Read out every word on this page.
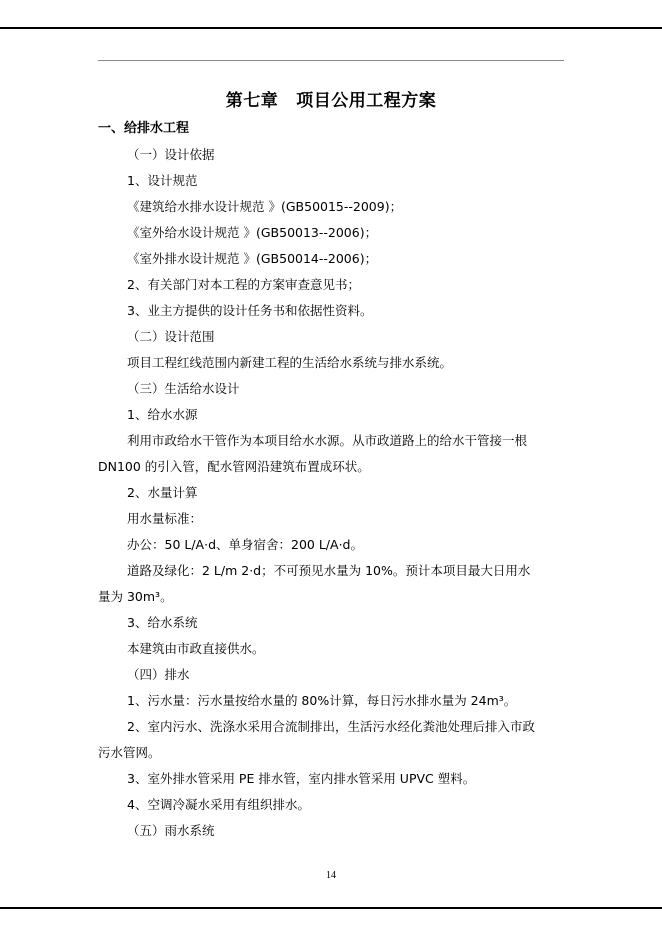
第七章 项目公用工程方案
一、给排水工程
（一）设计依据
1、设计规范
《建筑给水排水设计规范 》(GB50015--2009)；
《室外给水设计规范 》(GB50013--2006)；
《室外排水设计规范 》(GB50014--2006)；
2、有关部门对本工程的方案审查意见书；
3、业主方提供的设计任务书和依据性资料。
（二）设计范围
项目工程红线范围内新建工程的生活给水系统与排水系统。
（三）生活给水设计
1、给水水源
利用市政给水干管作为本项目给水水源。从市政道路上的给水干管接一根
DN100 的引入管，配水管网沿建筑布置成环状。
2、水量计算
用水量标准：
办公：50 L/A·d、单身宿舍：200 L/A·d。
道路及绿化：2 L/m 2·d；不可预见水量为 10%。预计本项目最大日用水
量为 30m³。
3、给水系统
本建筑由市政直接供水。
（四）排水
1、污水量：污水量按给水量的 80%计算，每日污水排水量为 24m³。
2、室内污水、洗涤水采用合流制排出，生活污水经化粪池处理后排入市政
污水管网。
3、室外排水管采用 PE 排水管，室内排水管采用 UPVC 塑料。
4、空调冷凝水采用有组织排水。
（五）雨水系统
14
